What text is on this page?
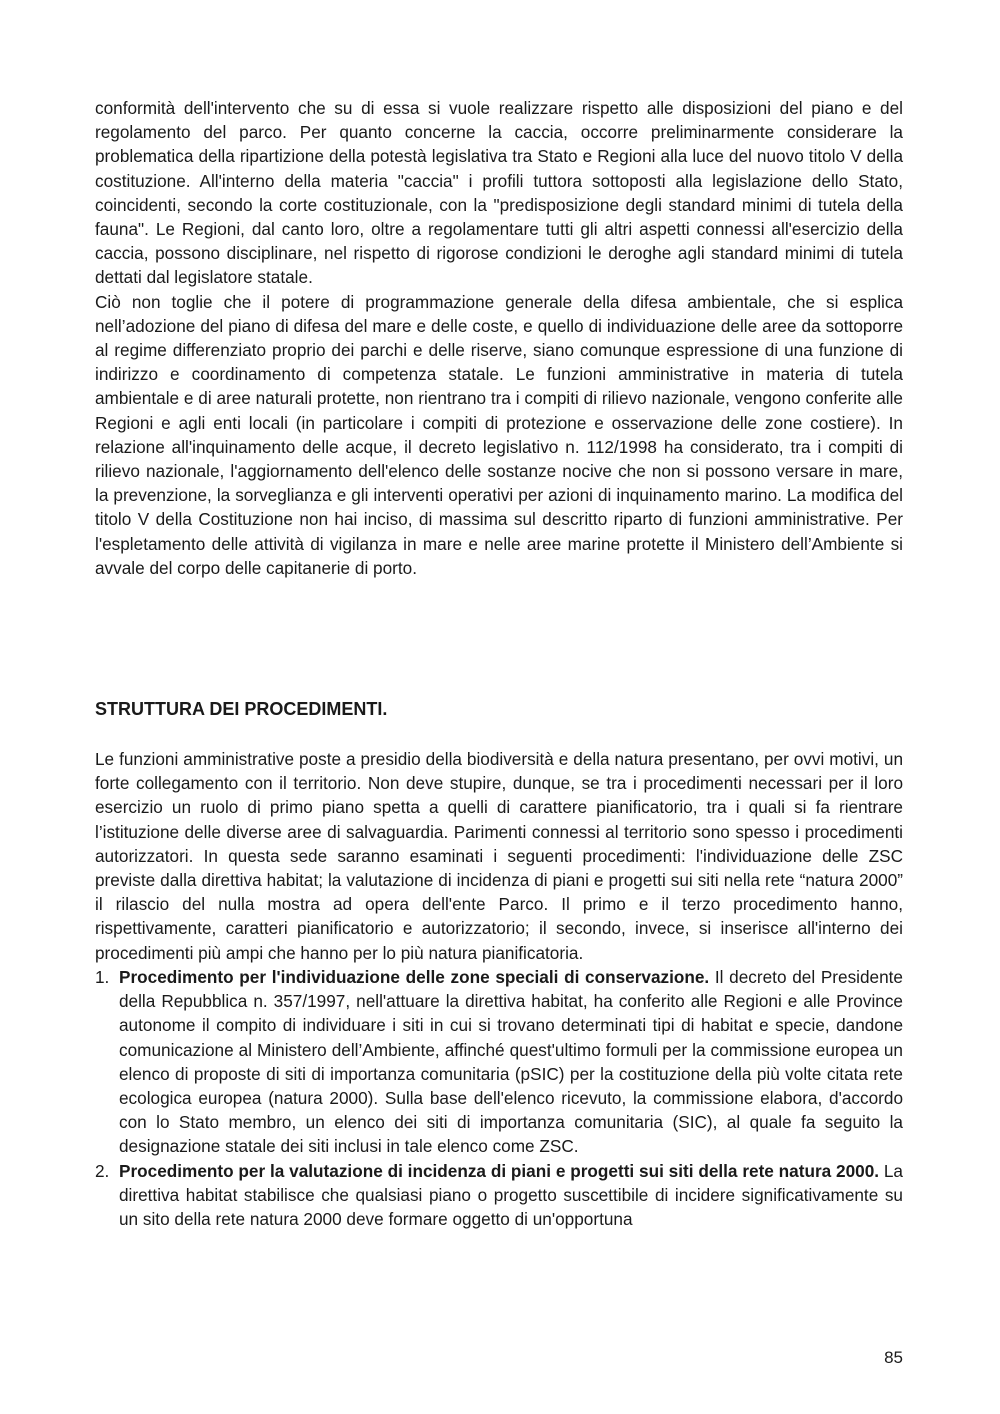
conformità dell'intervento che su di essa si vuole realizzare rispetto alle disposizioni del piano e del regolamento del parco. Per quanto concerne la caccia, occorre preliminarmente considerare la problematica della ripartizione della potestà legislativa tra Stato e Regioni alla luce del nuovo titolo V della costituzione. All'interno della materia "caccia" i profili tuttora sottoposti alla legislazione dello Stato, coincidenti, secondo la corte costituzionale, con la "predisposizione degli standard minimi di tutela della fauna". Le Regioni, dal canto loro, oltre a regolamentare tutti gli altri aspetti connessi all'esercizio della caccia, possono disciplinare, nel rispetto di rigorose condizioni le deroghe agli standard minimi di tutela dettati dal legislatore statale.

Ciò non toglie che il potere di programmazione generale della difesa ambientale, che si esplica nell’adozione del piano di difesa del mare e delle coste, e quello di individuazione delle aree da sottoporre al regime differenziato proprio dei parchi e delle riserve, siano comunque espressione di una funzione di indirizzo e coordinamento di competenza statale. Le funzioni amministrative in materia di tutela ambientale e di aree naturali protette, non rientrano tra i compiti di rilievo nazionale, vengono conferite alle Regioni e agli enti locali (in particolare i compiti di protezione e osservazione delle zone costiere). In relazione all'inquinamento delle acque, il decreto legislativo n. 112/1998 ha considerato, tra i compiti di rilievo nazionale, l'aggiornamento dell'elenco delle sostanze nocive che non si possono versare in mare, la prevenzione, la sorveglianza e gli interventi operativi per azioni di inquinamento marino. La modifica del titolo V della Costituzione non hai inciso, di massima sul descritto riparto di funzioni amministrative. Per l'espletamento delle attività di vigilanza in mare e nelle aree marine protette il Ministero dell’Ambiente si avvale del corpo delle capitanerie di porto.

STRUTTURA DEI PROCEDIMENTI.

Le funzioni amministrative poste a presidio della biodiversità e della natura presentano, per ovvi motivi, un forte collegamento con il territorio. Non deve stupire, dunque, se tra i procedimenti necessari per il loro esercizio un ruolo di primo piano spetta a quelli di carattere pianificatorio, tra i quali si fa rientrare l’istituzione delle diverse aree di salvaguardia. Parimenti connessi al territorio sono spesso i procedimenti autorizzatori. In questa sede saranno esaminati i seguenti procedimenti: l'individuazione delle ZSC previste dalla direttiva habitat; la valutazione di incidenza di piani e progetti sui siti nella rete “natura 2000” il rilascio del nulla mostra ad opera dell'ente Parco. Il primo e il terzo procedimento hanno, rispettivamente, caratteri pianificatorio e autorizzatorio; il secondo, invece, si inserisce all'interno dei procedimenti più ampi che hanno per lo più natura pianificatoria.

1. Procedimento per l'individuazione delle zone speciali di conservazione. Il decreto del Presidente della Repubblica n. 357/1997, nell'attuare la direttiva habitat, ha conferito alle Regioni e alle Province autonome il compito di individuare i siti in cui si trovano determinati tipi di habitat e specie, dandone comunicazione al Ministero dell’Ambiente, affinché quest'ultimo formuli per la commissione europea un elenco di proposte di siti di importanza comunitaria (pSIC) per la costituzione della più volte citata rete ecologica europea (natura 2000). Sulla base dell'elenco ricevuto, la commissione elabora, d'accordo con lo Stato membro, un elenco dei siti di importanza comunitaria (SIC), al quale fa seguito la designazione statale dei siti inclusi in tale elenco come ZSC.
2. Procedimento per la valutazione di incidenza di piani e progetti sui siti della rete natura 2000. La direttiva habitat stabilisce che qualsiasi piano o progetto suscettibile di incidere significativamente su un sito della rete natura 2000 deve formare oggetto di un'opportuna
85
